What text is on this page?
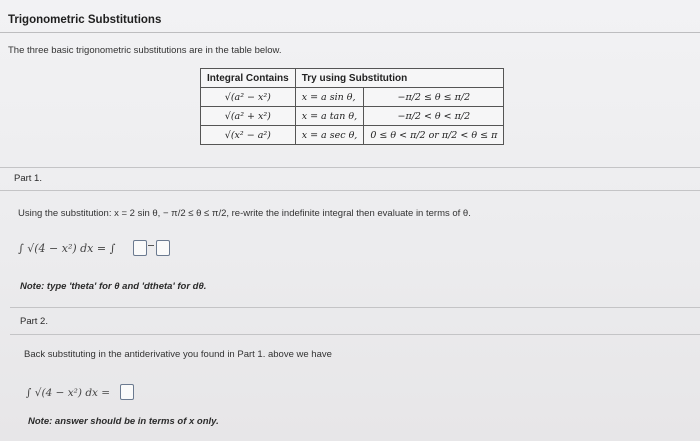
Trigonometric Substitutions
The three basic trigonometric substitutions are in the table below.
Integral Contains	Try using Substitution	
√(a² − x²)	x = a sin θ,	−π/2 ≤ θ ≤ π/2
√(a² + x²)	x = a tan θ,	−π/2 < θ < π/2
√(x² − a²)	x = a sec θ,	0 ≤ θ < π/2 or π/2 < θ ≤ π
Part 1.
Using the substitution: x = 2 sin θ, − π/2 ≤ θ ≤ π/2, re-write the indefinite integral then evaluate in terms of θ.
∫ √(4 − x²) dx = ∫
Note: type 'theta' for θ and 'dtheta' for dθ.
Part 2.
Back substituting in the antiderivative you found in Part 1. above we have
∫ √(4 − x²) dx =
Note: answer should be in terms of x only.
